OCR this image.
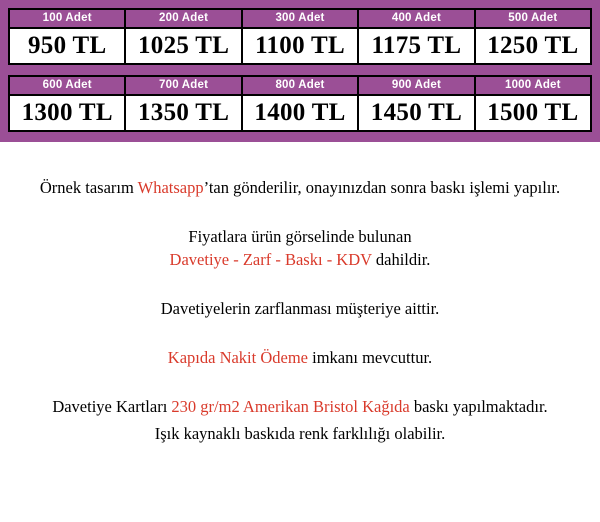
100 Adet
950 TL
200 Adet
1025 TL
300 Adet
1100 TL
400 Adet
1175 TL
500 Adet
1250 TL
600 Adet
1300 TL
700 Adet
1350 TL
800 Adet
1400 TL
900 Adet
1450 TL
1000 Adet
1500 TL

Örnek tasarım Whatsapp’tan gönderilir, onayınızdan sonra baskı işlemi yapılır.

Fiyatlara ürün görselinde bulunan
Davetiye - Zarf - Baskı - KDV dahildir.

Davetiyelerin zarflanması müşteriye aittir.

Kapıda Nakit Ödeme imkanı mevcuttur.

Davetiye Kartları 230 gr/m2 Amerikan Bristol Kağıda baskı yapılmaktadır.

Işık kaynaklı baskıda renk farklılığı olabilir.
